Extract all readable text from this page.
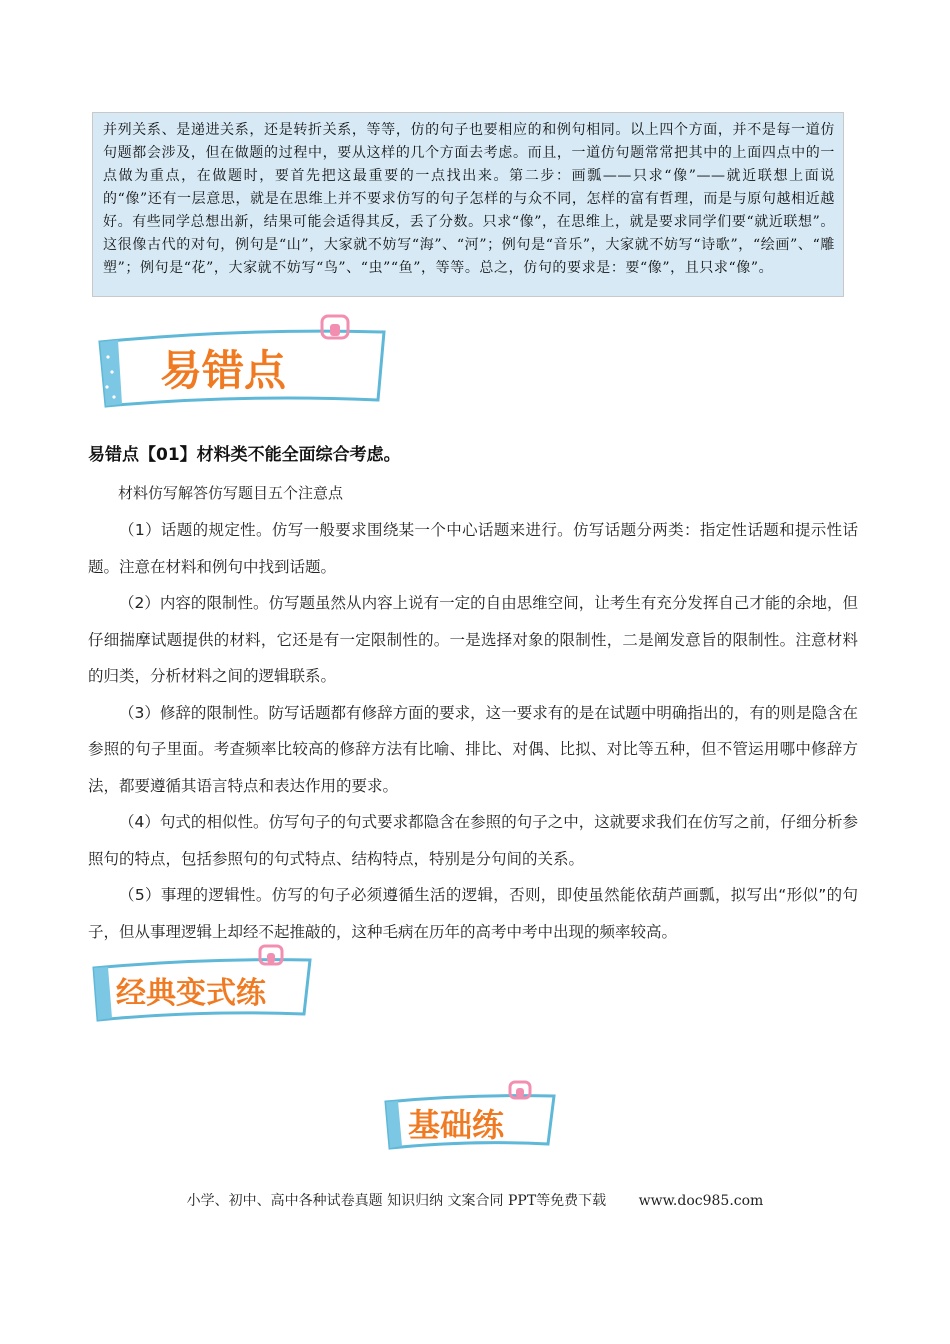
并列关系、是递进关系，还是转折关系，等等，仿的句子也要相应的和例句相同。以上四个方面，并不是每一道仿句题都会涉及，但在做题的过程中，要从这样的几个方面去考虑。而且，一道仿句题常常把其中的上面四点中的一点做为重点，在做题时，要首先把这最重要的一点找出来。第二步：画瓢——只求“像”——就近联想上面说的“像”还有一层意思，就是在思维上并不要求仿写的句子怎样的与众不同，怎样的富有哲理，而是与原句越相近越好。有些同学总想出新，结果可能会适得其反，丢了分数。只求“像”，在思维上，就是要求同学们要“就近联想”。这很像古代的对句，例句是“山”，大家就不妨写“海”、“河”；例句是“音乐”，大家就不妨写“诗歌”，“绘画”、“雕塑”；例句是“花”，大家就不妨写“鸟”、“虫”“鱼”，等等。总之，仿句的要求是：要“像”，且只求“像”。

易错点
易错点【01】材料类不能全面综合考虑。
材料仿写解答仿写题目五个注意点

（1）话题的规定性。仿写一般要求围绕某一个中心话题来进行。仿写话题分两类：指定性话题和提示性话题。注意在材料和例句中找到话题。

（2）内容的限制性。仿写题虽然从内容上说有一定的自由思维空间，让考生有充分发挥自己才能的余地，但仔细揣摩试题提供的材料，它还是有一定限制性的。一是选择对象的限制性，二是阐发意旨的限制性。注意材料的归类，分析材料之间的逻辑联系。

（3）修辞的限制性。防写话题都有修辞方面的要求，这一要求有的是在试题中明确指出的，有的则是隐含在参照的句子里面。考查频率比较高的修辞方法有比喻、排比、对偶、比拟、对比等五种，但不管运用哪中修辞方法，都要遵循其语言特点和表达作用的要求。

（4）句式的相似性。仿写句子的句式要求都隐含在参照的句子之中，这就要求我们在仿写之前，仔细分析参照句的特点，包括参照句的句式特点、结构特点，特别是分句间的关系。

（5）事理的逻辑性。仿写的句子必须遵循生活的逻辑，否则，即使虽然能依葫芦画瓢，拟写出“形似”的句子，但从事理逻辑上却经不起推敲的，这种毛病在历年的高考中考中出现的频率较高。

经典变式练
基础练
小学、初中、高中各种试卷真题 知识归纳 文案合同 PPT等免费下载 www.doc985.com
